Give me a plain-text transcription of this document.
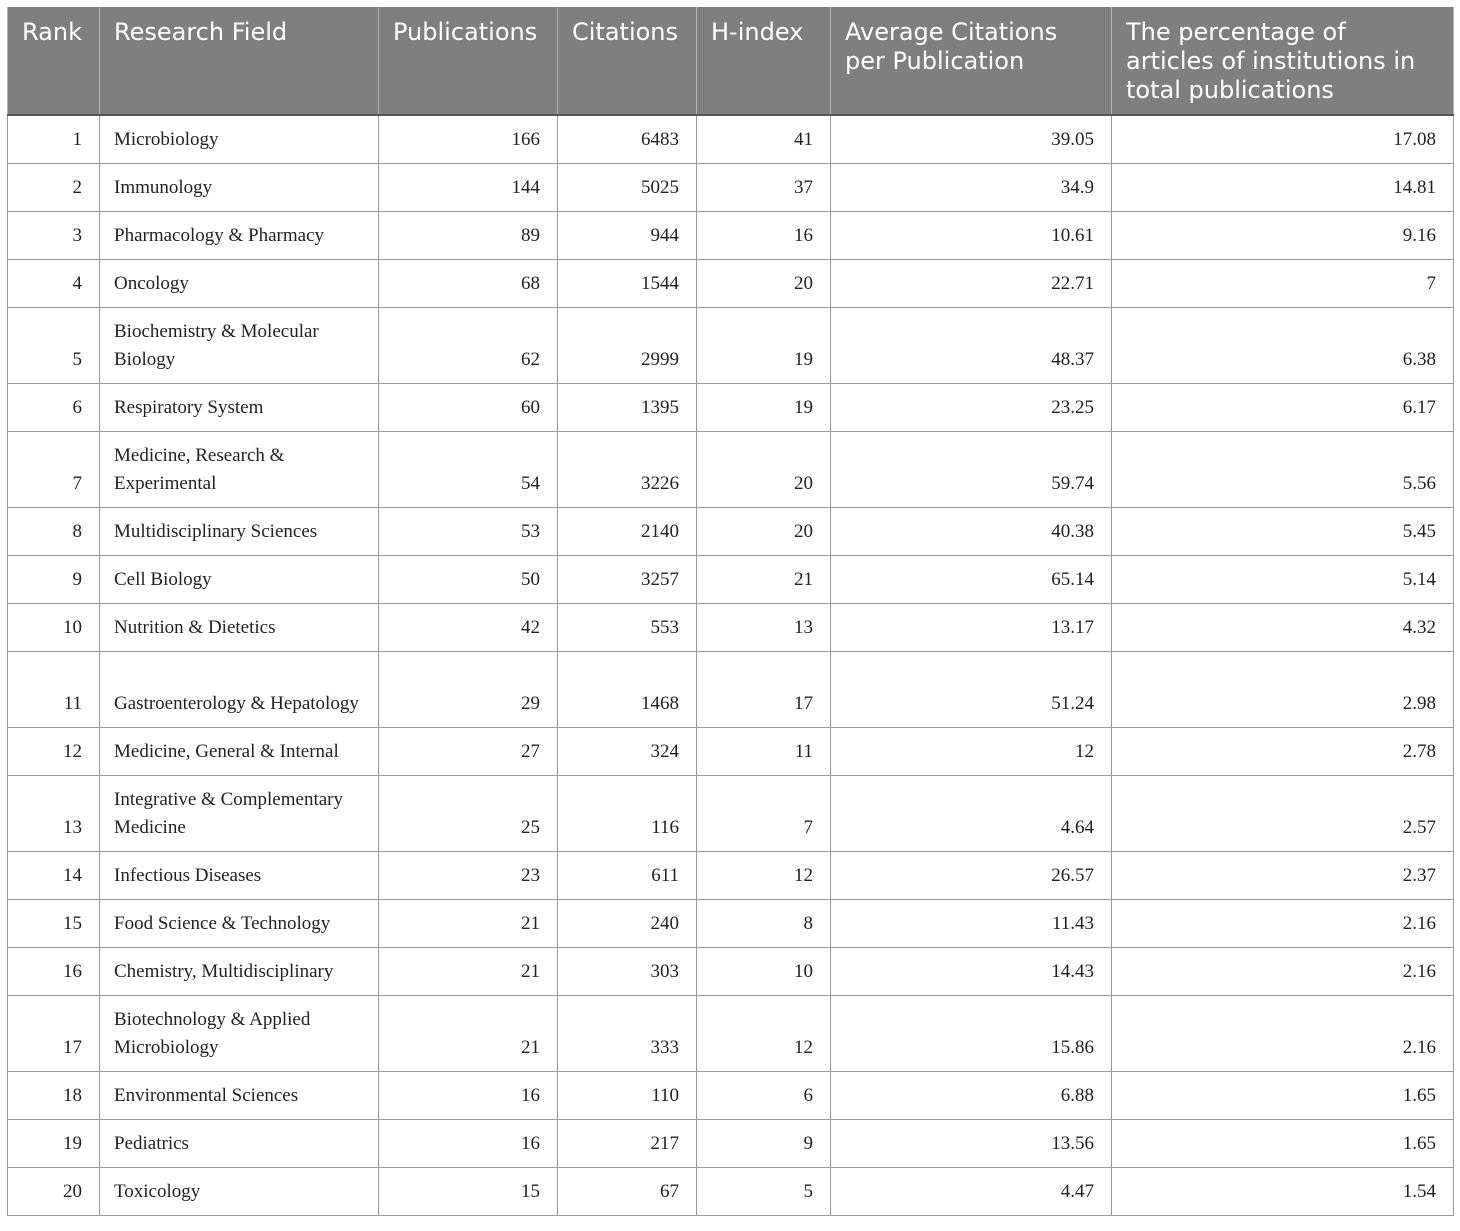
Rank	Research Field	Publications	Citations	H-index	Average Citations per Publication	The percentage of articles of institutions in total publications
1	Microbiology	166	6483	41	39.05	17.08
2	Immunology	144	5025	37	34.9	14.81
3	Pharmacology & Pharmacy	89	944	16	10.61	9.16
4	Oncology	68	1544	20	22.71	7
5	Biochemistry & Molecular Biology	62	2999	19	48.37	6.38
6	Respiratory System	60	1395	19	23.25	6.17
7	Medicine, Research & Experimental	54	3226	20	59.74	5.56
8	Multidisciplinary Sciences	53	2140	20	40.38	5.45
9	Cell Biology	50	3257	21	65.14	5.14
10	Nutrition & Dietetics	42	553	13	13.17	4.32
11	Gastroenterology & Hepatology	29	1468	17	51.24	2.98
12	Medicine, General & Internal	27	324	11	12	2.78
13	Integrative & Complementary Medicine	25	116	7	4.64	2.57
14	Infectious Diseases	23	611	12	26.57	2.37
15	Food Science & Technology	21	240	8	11.43	2.16
16	Chemistry, Multidisciplinary	21	303	10	14.43	2.16
17	Biotechnology & Applied Microbiology	21	333	12	15.86	2.16
18	Environmental Sciences	16	110	6	6.88	1.65
19	Pediatrics	16	217	9	13.56	1.65
20	Toxicology	15	67	5	4.47	1.54
